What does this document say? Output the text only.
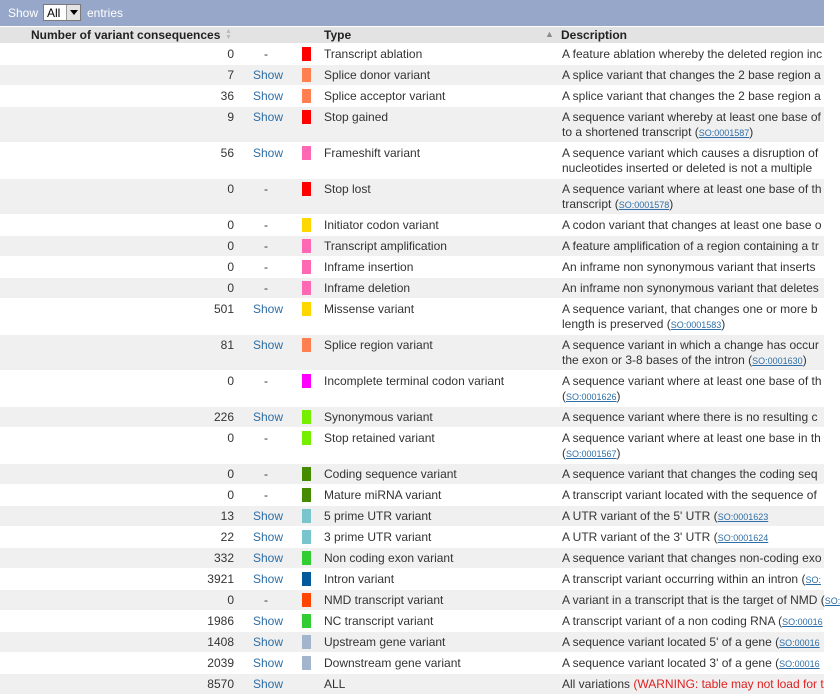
Show All entries
Number of variant consequences ▲
▼	Type	▲ Description
0	-	Transcript ablation	A feature ablation whereby the deleted region inc
7 Show	Splice donor variant	A splice variant that changes the 2 base region a
36 Show	Splice acceptor variant	A splice variant that changes the 2 base region a
9 Show	Stop gained	A sequence variant whereby at least one base of
to a shortened transcript (SO:0001587)
56 Show	Frameshift variant	A sequence variant which causes a disruption of
nucleotides inserted or deleted is not a multiple
0	-	Stop lost	A sequence variant where at least one base of th
transcript (SO:0001578)
0	-	Initiator codon variant	A codon variant that changes at least one base o
0	-	Transcript amplification	A feature amplification of a region containing a tr
0	-	Inframe insertion	An inframe non synonymous variant that inserts
0	-	Inframe deletion	An inframe non synonymous variant that deletes
501 Show	Missense variant	A sequence variant, that changes one or more b
length is preserved (SO:0001583)
81 Show	Splice region variant	A sequence variant in which a change has occur
the exon or 3-8 bases of the intron (SO:0001630)
0	-	Incomplete terminal codon variant	A sequence variant where at least one base of th
(SO:0001626)
226 Show	Synonymous variant	A sequence variant where there is no resulting c
0	-	Stop retained variant	A sequence variant where at least one base in th
(SO:0001567)
0	-	Coding sequence variant	A sequence variant that changes the coding seq
0	-	Mature miRNA variant	A transcript variant located with the sequence of
13 Show	5 prime UTR variant	A UTR variant of the 5' UTR (SO:0001623
22 Show	3 prime UTR variant	A UTR variant of the 3' UTR (SO:0001624
332 Show	Non coding exon variant	A sequence variant that changes non-coding exo
3921 Show	Intron variant	A transcript variant occurring within an intron (SO:
0	-	NMD transcript variant	A variant in a transcript that is the target of NMD (SO:
1986 Show	NC transcript variant	A transcript variant of a non coding RNA (SO:00016
1408 Show	Upstream gene variant	A sequence variant located 5' of a gene (SO:00016
2039 Show	Downstream gene variant	A sequence variant located 3' of a gene (SO:00016
8570 Show	ALL	All variations (WARNING: table may not load for t
